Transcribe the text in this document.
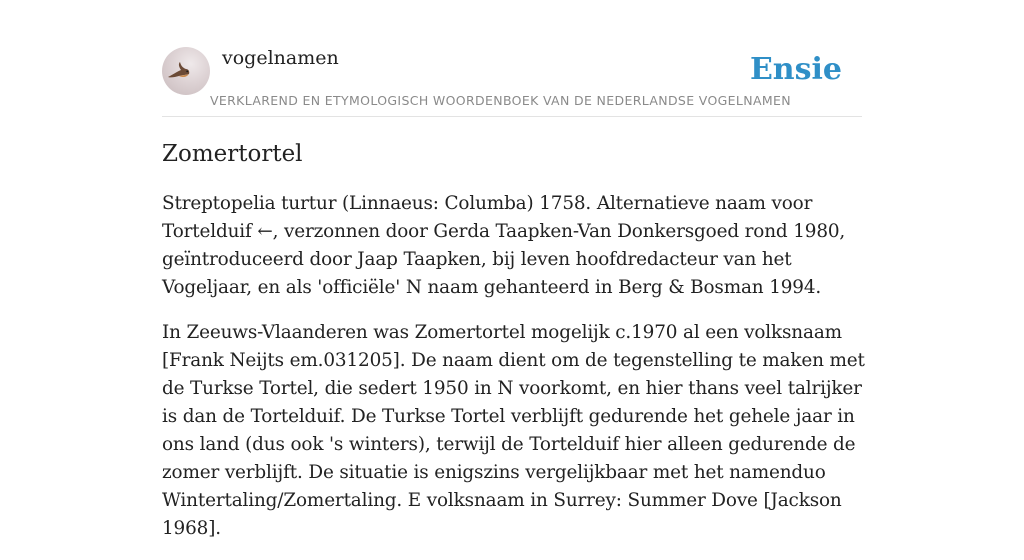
vogelnamen	Ensie
VERKLAREND EN ETYMOLOGISCH WOORDENBOEK VAN DE NEDERLANDSE VOGELNAMEN
Zomertortel

Streptopelia turtur (Linnaeus: Columba) 1758. Alternatieve naam voor Tortelduif ←, verzonnen door Gerda Taapken-Van Donkersgoed rond 1980, geïntroduceerd door Jaap Taapken, bij leven hoofdredacteur van het Vogeljaar, en als 'officiële' N naam gehanteerd in Berg & Bosman 1994.

In Zeeuws-Vlaanderen was Zomertortel mogelijk c.1970 al een volksnaam [Frank Neijts em.031205]. De naam dient om de tegenstelling te maken met de Turkse Tortel, die sedert 1950 in N voorkomt, en hier thans veel talrijker is dan de Tortelduif. De Turkse Tortel verblijft gedurende het gehele jaar in ons land (dus ook 's winters), terwijl de Tortelduif hier alleen gedurende de zomer verblijft. De situatie is enigszins vergelijkbaar met het namenduo Wintertaling/Zomertaling. E volksnaam in Surrey: Summer Dove [Jackson 1968].
